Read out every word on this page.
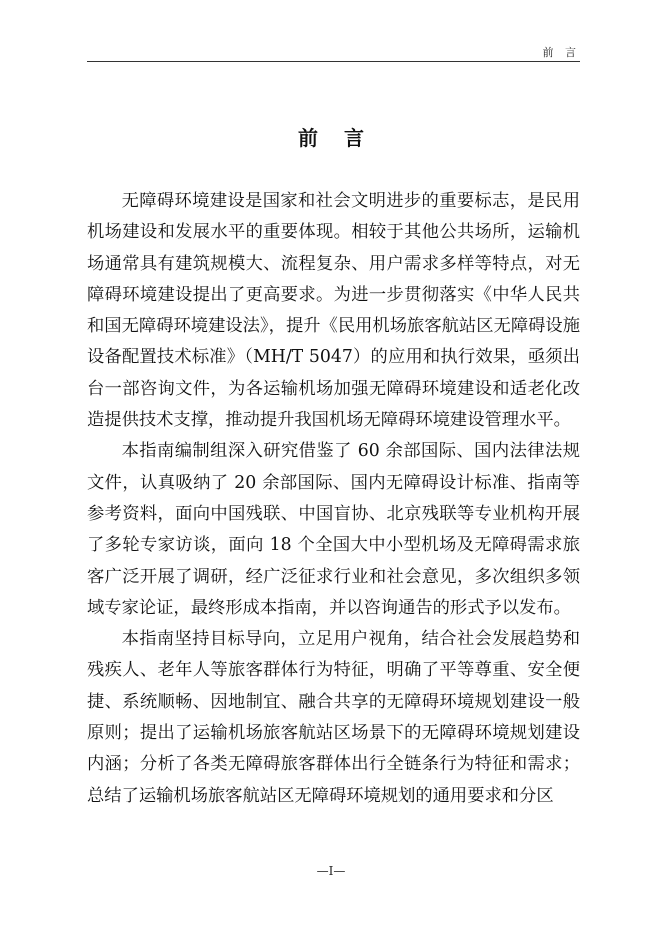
前 言
前言

无障碍环境建设是国家和社会文明进步的重要标志，是民用机场建设和发展水平的重要体现。相较于其他公共场所，运输机场通常具有建筑规模大、流程复杂、用户需求多样等特点，对无障碍环境建设提出了更高要求。为进一步贯彻落实《中华人民共和国无障碍环境建设法》，提升《民用机场旅客航站区无障碍设施设备配置技术标准》（MH/T 5047）的应用和执行效果，亟须出台一部咨询文件，为各运输机场加强无障碍环境建设和适老化改造提供技术支撑，推动提升我国机场无障碍环境建设管理水平。

本指南编制组深入研究借鉴了 60 余部国际、国内法律法规文件，认真吸纳了 20 余部国际、国内无障碍设计标准、指南等参考资料，面向中国残联、中国盲协、北京残联等专业机构开展了多轮专家访谈，面向 18 个全国大中小型机场及无障碍需求旅客广泛开展了调研，经广泛征求行业和社会意见，多次组织多领域专家论证，最终形成本指南，并以咨询通告的形式予以发布。

本指南坚持目标导向，立足用户视角，结合社会发展趋势和残疾人、老年人等旅客群体行为特征，明确了平等尊重、安全便捷、系统顺畅、因地制宜、融合共享的无障碍环境规划建设一般原则；提出了运输机场旅客航站区场景下的无障碍环境规划建设内涵；分析了各类无障碍旅客群体出行全链条行为特征和需求；总结了运输机场旅客航站区无障碍环境规划的通用要求和分区

—Ⅰ—
